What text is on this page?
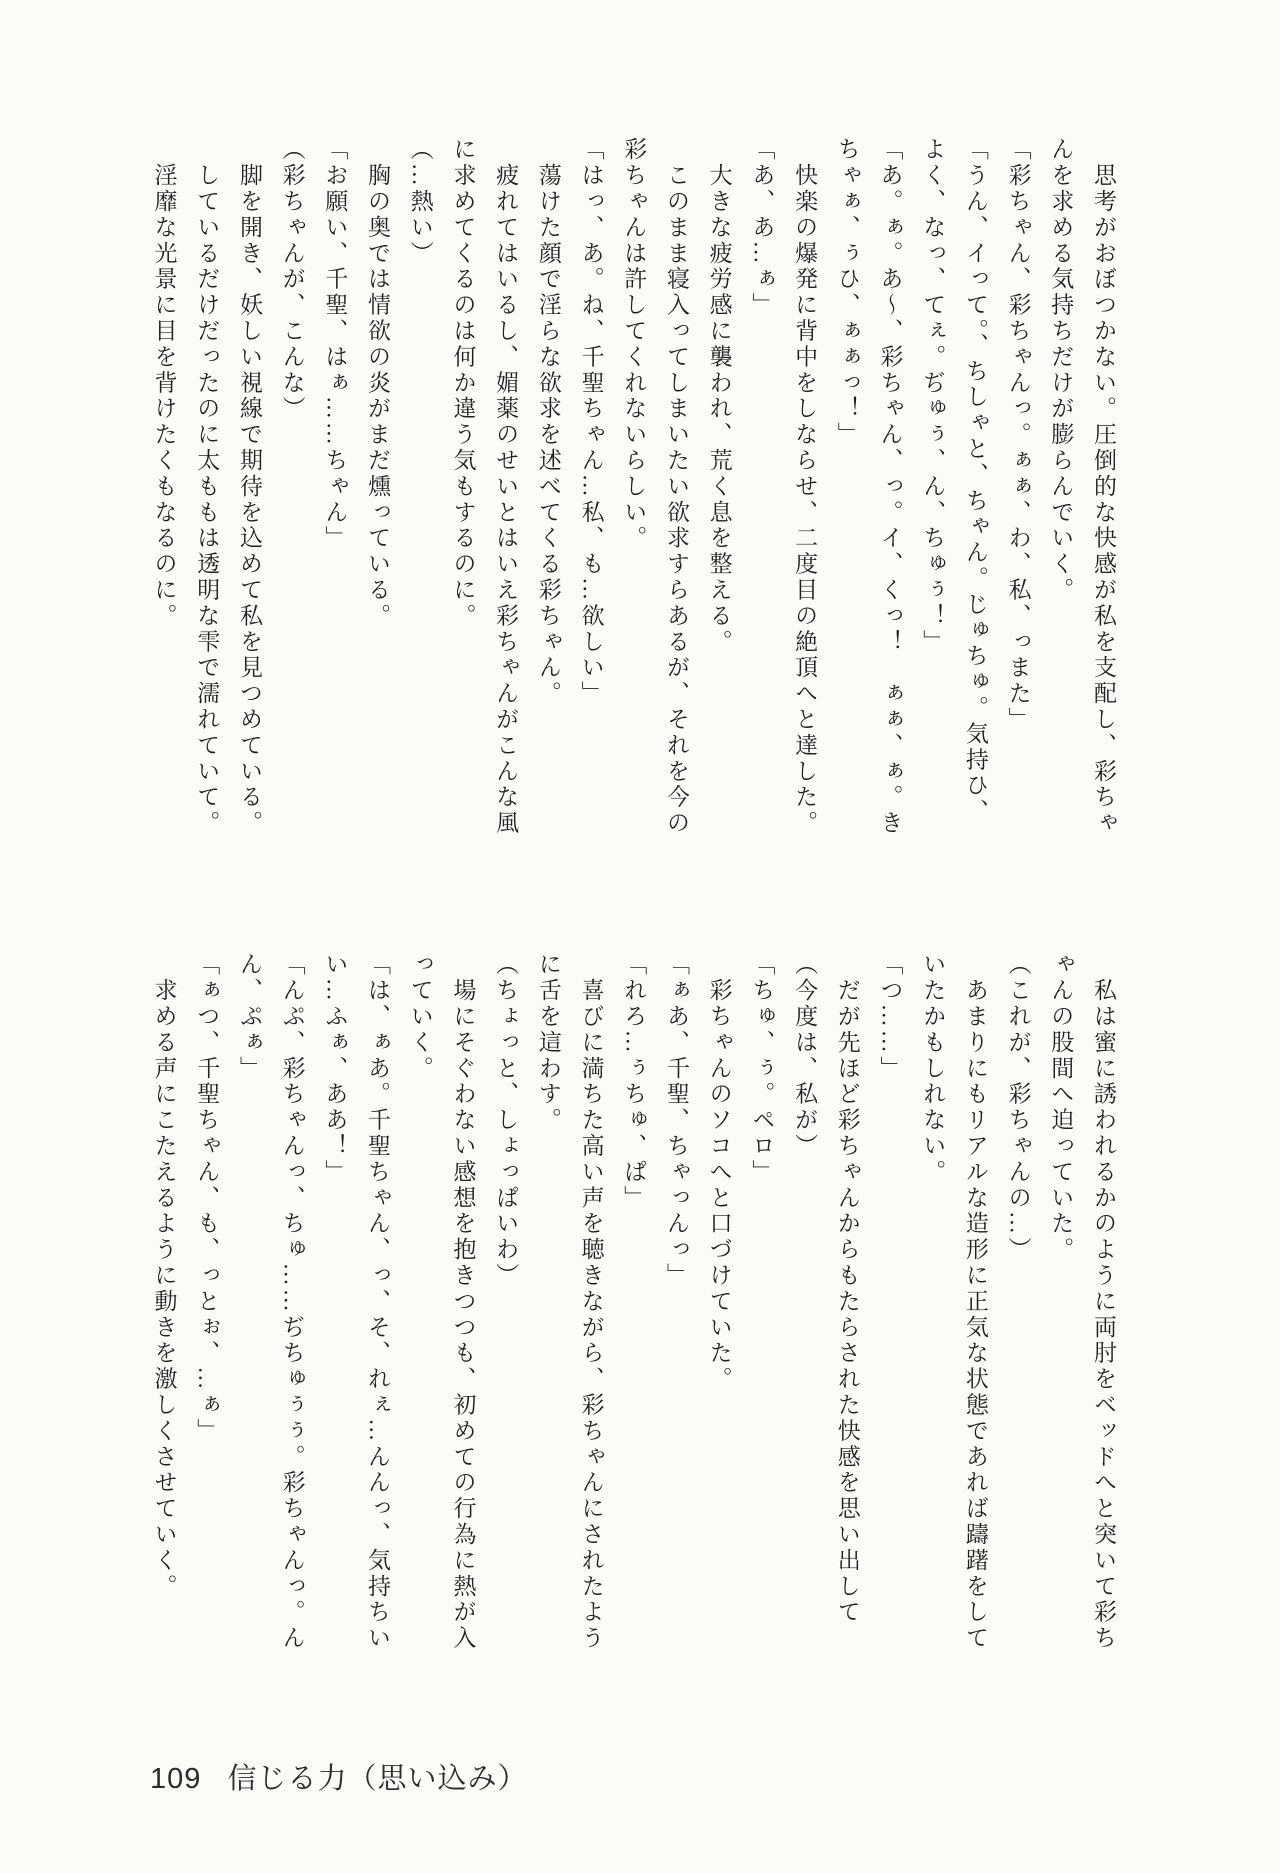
　思考がおぼつかない。圧倒的な快感が私を支配し、彩ちゃ
んを求める気持ちだけが膨らんでいく。
「彩ちゃん、彩ちゃんっ。ぁぁ、わ、私、っまた」
「うん、イって。、ちしゃと、ちゃん。じゅちゅ。気持ひ、
よく、なっ、てぇ。ぢゅぅ、ん、ちゅぅ！」
「あ。ぁ。あ〜、彩ちゃん、っ。イ、くっ！　ぁぁ、ぁ。き
ちゃぁ、ぅひ、ぁぁっ！」
　快楽の爆発に背中をしならせ、二度目の絶頂へと達した。
「あ、あ…ぁ」
　大きな疲労感に襲われ、荒く息を整える。
　このまま寝入ってしまいたい欲求すらあるが、それを今の
彩ちゃんは許してくれないらしい。
「はっ、あ。ね、千聖ちゃん…私、も…欲しい」
　蕩けた顔で淫らな欲求を述べてくる彩ちゃん。
　疲れてはいるし、媚薬のせいとはいえ彩ちゃんがこんな風
に求めてくるのは何か違う気もするのに。
（…熱い）
　胸の奥では情欲の炎がまだ燻っている。
「お願い、千聖、はぁ……ちゃん」
（彩ちゃんが、こんな）
　脚を開き、妖しい視線で期待を込めて私を見つめている。
　しているだけだったのに太ももは透明な雫で濡れていて。
　淫靡な光景に目を背けたくもなるのに。
　私は蜜に誘われるかのように両肘をベッドへと突いて彩ち
ゃんの股間へ迫っていた。
（これが、彩ちゃんの…）
　あまりにもリアルな造形に正気な状態であれば躊躇をして
いたかもしれない。
「つ……」
　だが先ほど彩ちゃんからもたらされた快感を思い出して
（今度は、私が）
「ちゅ、ぅ。ペロ」
　彩ちゃんのソコへと口づけていた。
「ぁあ、千聖、ちゃっんっ」
「れろ…ぅちゅ、ぱ」
　喜びに満ちた高い声を聴きながら、彩ちゃんにされたよう
に舌を這わす。
（ちょっと、しょっぱいわ）
　場にそぐわない感想を抱きつつも、初めての行為に熱が入
っていく。
「は、ぁあ。千聖ちゃん、っ、そ、れぇ…んんっ、気持ちい
い…ふぁ、ああ！」
「んぷ、彩ちゃんっ、ちゅ……ぢちゅぅぅ。彩ちゃんっ。ん
ん、ぷぁ」
「ぁつ、千聖ちゃん、も、っとぉ、…ぁ」
　求める声にこたえるように動きを激しくさせていく。
109 信じる力（思い込み）
